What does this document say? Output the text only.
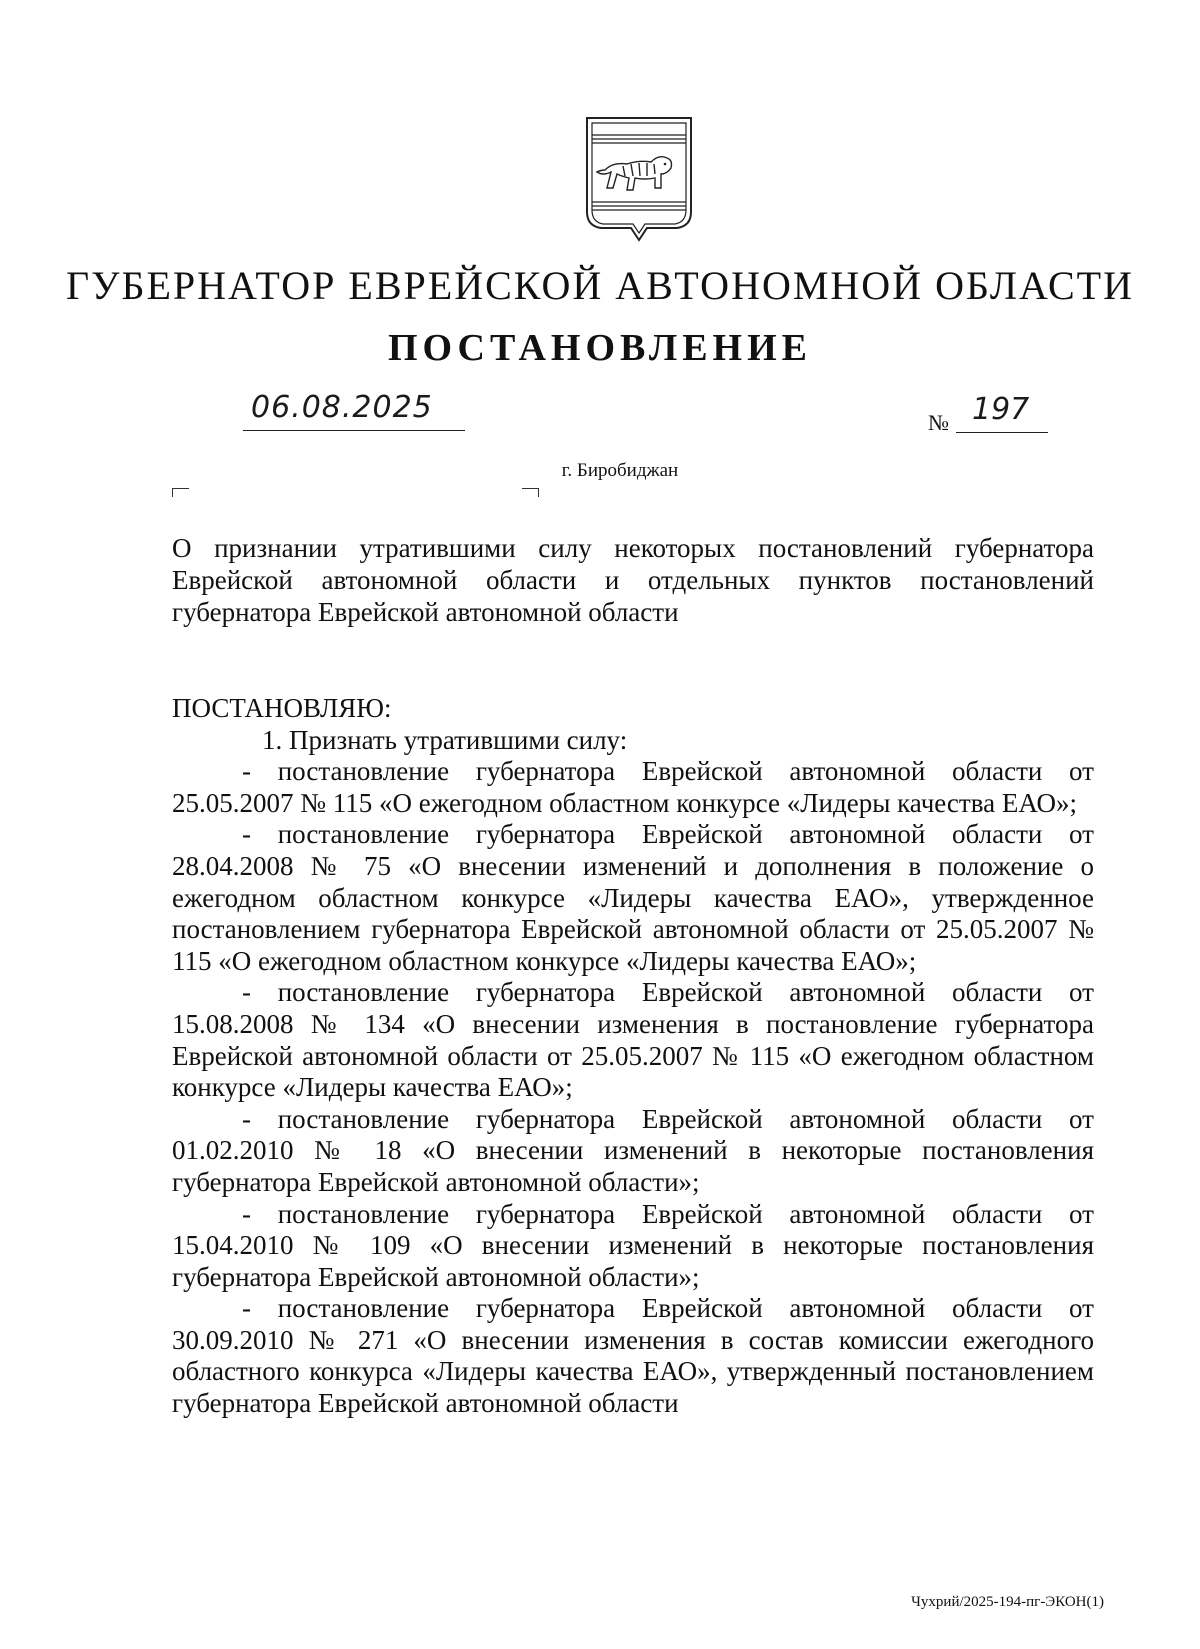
ГУБЕРНАТОР ЕВРЕЙСКОЙ АВТОНОМНОЙ ОБЛАСТИ
ПОСТАНОВЛЕНИЕ
06.08.2025	№ 197
г. Биробиджан
О признании утратившими силу некоторых постановлений губернатора Еврейской автономной области и отдельных пунктов постановлений губернатора Еврейской автономной области

ПОСТАНОВЛЯЮ:

1. Признать утратившими силу:

- постановление губернатора Еврейской автономной области от 25.05.2007 № 115 «О ежегодном областном конкурсе «Лидеры качества ЕАО»;

- постановление губернатора Еврейской автономной области от 28.04.2008 № 75 «О внесении изменений и дополнения в положение о ежегодном областном конкурсе «Лидеры качества ЕАО», утвержденное постановлением губернатора Еврейской автономной области от 25.05.2007 № 115 «О ежегодном областном конкурсе «Лидеры качества ЕАО»;

- постановление губернатора Еврейской автономной области от 15.08.2008 № 134 «О внесении изменения в постановление губернатора Еврейской автономной области от 25.05.2007 № 115 «О ежегодном областном конкурсе «Лидеры качества ЕАО»;

- постановление губернатора Еврейской автономной области от 01.02.2010 № 18 «О внесении изменений в некоторые постановления губернатора Еврейской автономной области»;

- постановление губернатора Еврейской автономной области от 15.04.2010 № 109 «О внесении изменений в некоторые постановления губернатора Еврейской автономной области»;

- постановление губернатора Еврейской автономной области от 30.09.2010 № 271 «О внесении изменения в состав комиссии ежегодного областного конкурса «Лидеры качества ЕАО», утвержденный постановлением губернатора Еврейской автономной области

Чухрий/2025-194-пг-ЭКОН(1)
